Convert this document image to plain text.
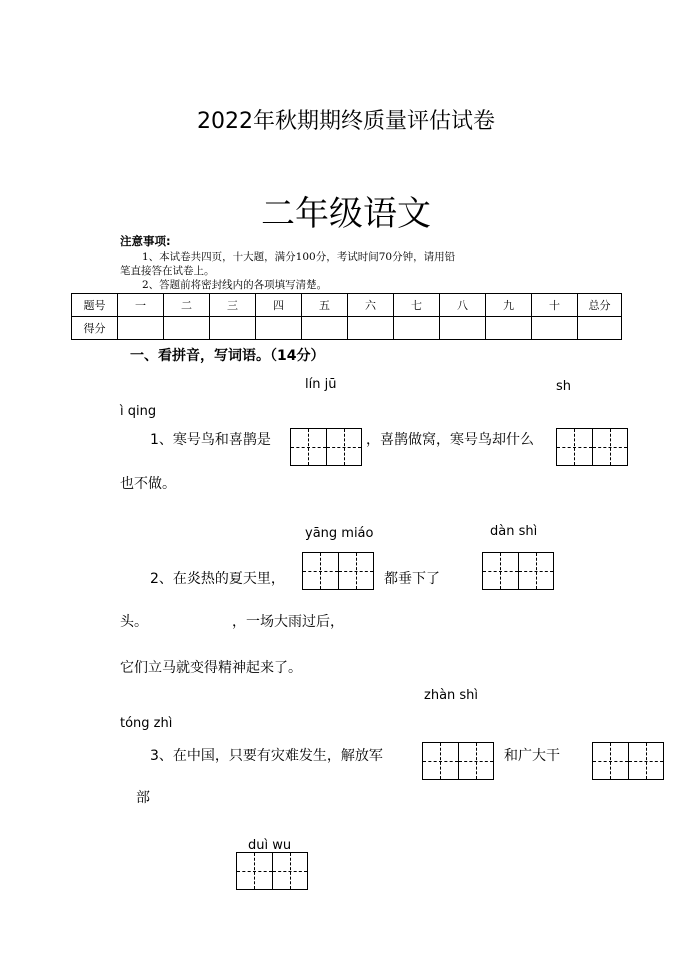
2022年秋期期终质量评估试卷
二年级语文
注意事项:
1、本试卷共四页，十大题，满分100分，考试时间70分钟，请用铅
笔直接答在试卷上。
2、答题前将密封线内的各项填写清楚。
题号	一	二	三	四	五	六	七	八	九	十	总分
得分											
一、看拼音，写词语。（14分）
lín jū	sh
ì qing
1、寒号鸟和喜鹊是	，喜鹊做窝，寒号鸟却什么
也不做。
yāng miáo	dàn shì
2、在炎热的夏天里，	都垂下了
头。	，一场大雨过后，
它们立马就变得精神起来了。
zhàn shì
tóng zhì
3、在中国，只要有灾难发生，解放军	和广大干
部
duì wu
